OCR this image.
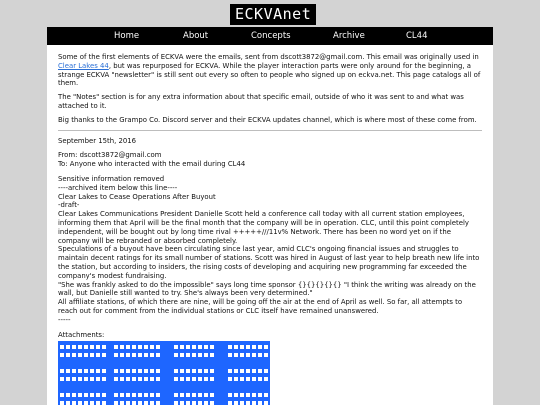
ECKVAnet
Home	About	Concepts	Archive	CL44

Some of the first elements of ECKVA were the emails, sent from dscott3872@gmail.com. This email was originally used in Clear Lakes 44, but was repurposed for ECKVA. While the player interaction parts were only around for the beginning, a strange ECKVA "newsletter" is still sent out every so often to people who signed up on eckva.net. This page catalogs all of them.

The "Notes" section is for any extra information about that specific email, outside of who it was sent to and what was attached to it.

Big thanks to the Grampo Co. Discord server and their ECKVA updates channel, which is where most of these come from.

September 15th, 2016
From: dscott3872@gmail.com
To: Anyone who interacted with the email during CL44
Sensitive information removed
----archived item below this line----
Clear Lakes to Cease Operations After Buyout
-draft-
Clear Lakes Communications President Danielle Scott held a conference call today with all current station employees, informing them that April will be the final month that the company will be in operation. CLC, until this point completely independent, will be bought out by long time rival +++++///11v% Network. There has been no word yet on if the company will be rebranded or absorbed completely.
Speculations of a buyout have been circulating since last year, amid CLC's ongoing financial issues and struggles to maintain decent ratings for its small number of stations. Scott was hired in August of last year to help breath new life into the station, but according to insiders, the rising costs of developing and acquiring new programming far exceeded the company's modest fundraising.
"She was frankly asked to do the impossible" says long time sponsor {}{}{}{}{} "I think the writing was already on the wall, but Danielle still wanted to try. She's always been very determined."
All affiliate stations, of which there are nine, will be going off the air at the end of April as well. So far, all attempts to reach out for comment from the individual stations or CLC itself have remained unanswered.
-----
Attachments:
